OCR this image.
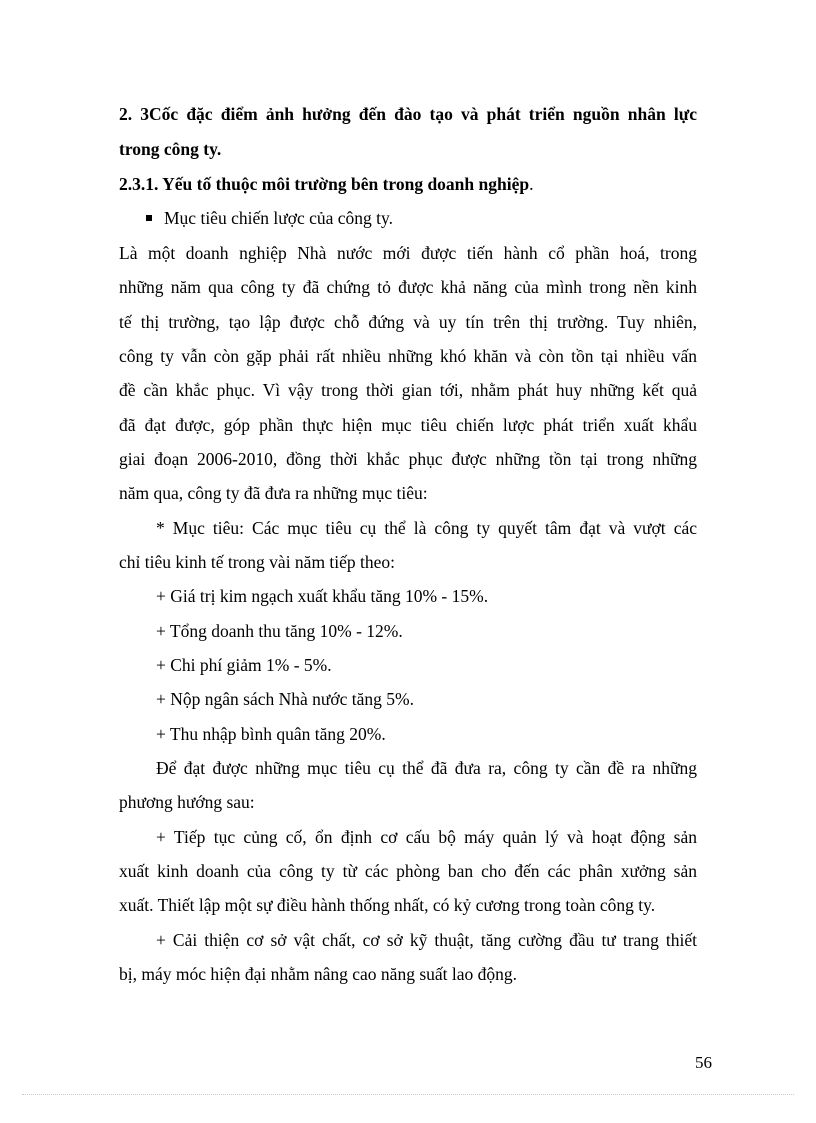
2. 3Cốc đặc điểm ảnh hưởng đến đào tạo và phát triển nguồn nhân lực
trong công ty.
2.3.1. Yếu tố thuộc môi trường bên trong doanh nghiệp.
Mục tiêu chiến lược của công ty.
Là một doanh nghiệp Nhà nước mới được tiến hành cổ phần hoá, trong
những năm qua công ty đã chứng tỏ được khả năng của mình trong nền kinh
tế thị trường, tạo lập được chỗ đứng và uy tín trên thị trường. Tuy nhiên,
công ty vẫn còn gặp phải rất nhiều những khó khăn và còn tồn tại nhiều vấn
đề cần khắc phục. Vì vậy trong thời gian tới, nhằm phát huy những kết quả
đã đạt được, góp phần thực hiện mục tiêu chiến lược phát triển xuất khẩu
giai đoạn 2006-2010, đồng thời khắc phục được những tồn tại trong những
năm qua, công ty đã đưa ra những mục tiêu:
* Mục tiêu: Các mục tiêu cụ thể là công ty quyết tâm đạt và vượt các
chỉ tiêu kinh tế trong vài năm tiếp theo:
+ Giá trị kim ngạch xuất khẩu tăng 10% - 15%.
+ Tổng doanh thu tăng 10% - 12%.
+ Chi phí giảm 1% - 5%.
+ Nộp ngân sách Nhà nước tăng 5%.
+ Thu nhập bình quân tăng 20%.
Để đạt được những mục tiêu cụ thể đã đưa ra, công ty cần đề ra những
phương hướng sau:
+ Tiếp tục củng cố, ổn định cơ cấu bộ máy quản lý và hoạt động sản
xuất kinh doanh của công ty từ các phòng ban cho đến các phân xưởng sản
xuất. Thiết lập một sự điều hành thống nhất, có kỷ cương trong toàn công ty.
+ Cải thiện cơ sở vật chất, cơ sở kỹ thuật, tăng cường đầu tư trang thiết
bị, máy móc hiện đại nhằm nâng cao năng suất lao động.
56
